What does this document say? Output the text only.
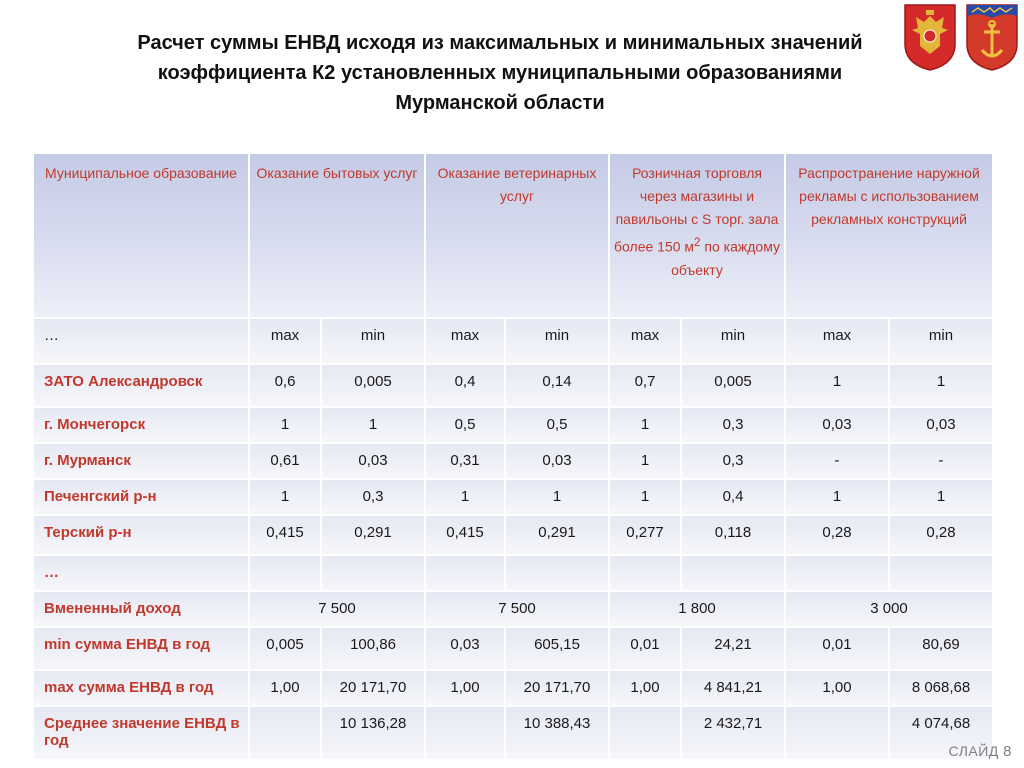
Расчет суммы ЕНВД исходя из максимальных и минимальных значений
коэффициента К2 установленных муниципальными образованиями
Мурманской области
Муниципальное образование	Оказание бытовых услуг		Оказание ветеринарных услуг		Розничная торговля через магазины и павильоны с S торг. зала более 150 $м^2$ по каждому объекту		Распространение наружной рекламы с использованием рекламных конструкций	
…	max	min	max	min	max	min	max	min
ЗАТО Александровск	0,6	0,005	0,4	0,14	0,7	0,005	1	1
г. Мончегорск	1	1	0,5	0,5	1	0,3	0,03	0,03
г. Мурманск	0,61	0,03	0,31	0,03	1	0,3	-	-
Печенгский р-н	1	0,3	1	1	1	0,4	1	1
Терский р-н	0,415	0,291	0,415	0,291	0,277	0,118	0,28	0,28
…								
Вмененный доход	7 500		7 500		1 800		3 000	
min сумма ЕНВД в год	0,005	100,86	0,03	605,15	0,01	24,21	0,01	80,69
max сумма ЕНВД в год	1,00	20 171,70	1,00	20 171,70	1,00	4 841,21	1,00	8 068,68
Среднее значение ЕНВД в год		10 136,28		10 388,43		2 432,71		4 074,68
СЛАЙД 8
